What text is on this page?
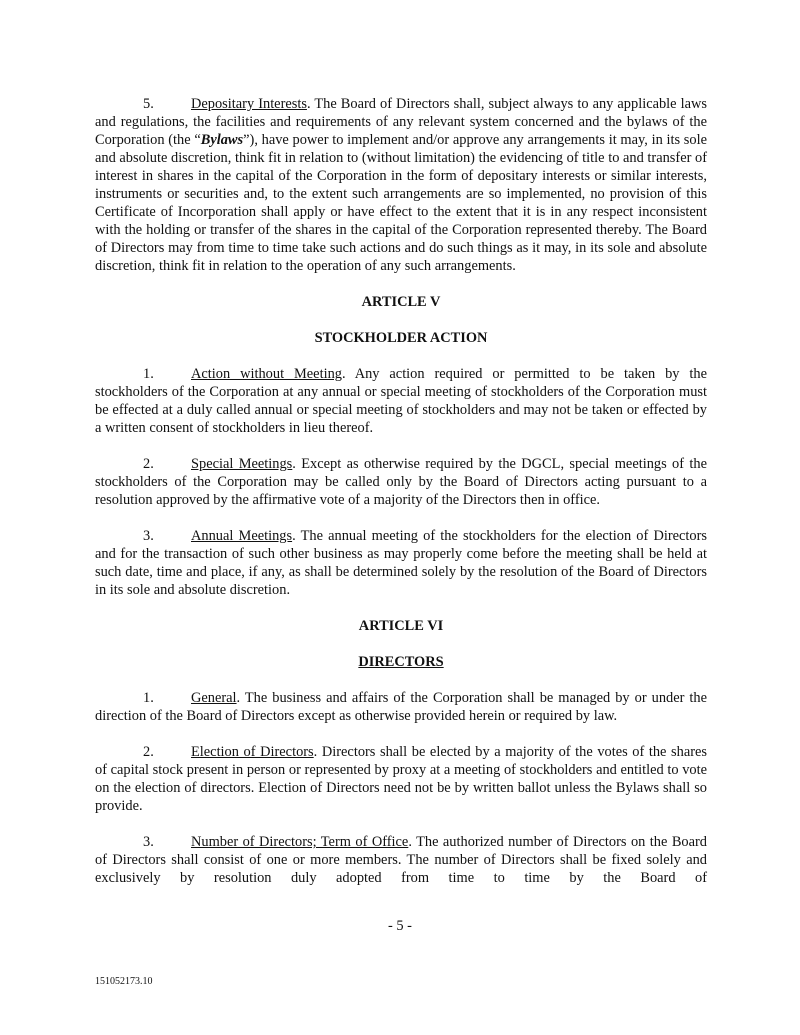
5.	Depositary Interests. The Board of Directors shall, subject always to any applicable laws and regulations, the facilities and requirements of any relevant system concerned and the bylaws of the Corporation (the “Bylaws”), have power to implement and/or approve any arrangements it may, in its sole and absolute discretion, think fit in relation to (without limitation) the evidencing of title to and transfer of interest in shares in the capital of the Corporation in the form of depositary interests or similar interests, instruments or securities and, to the extent such arrangements are so implemented, no provision of this Certificate of Incorporation shall apply or have effect to the extent that it is in any respect inconsistent with the holding or transfer of the shares in the capital of the Corporation represented thereby. The Board of Directors may from time to time take such actions and do such things as it may, in its sole and absolute discretion, think fit in relation to the operation of any such arrangements.

ARTICLE V
STOCKHOLDER ACTION

1.	Action without Meeting. Any action required or permitted to be taken by the stockholders of the Corporation at any annual or special meeting of stockholders of the Corporation must be effected at a duly called annual or special meeting of stockholders and may not be taken or effected by a written consent of stockholders in lieu thereof.

2.	Special Meetings. Except as otherwise required by the DGCL, special meetings of the stockholders of the Corporation may be called only by the Board of Directors acting pursuant to a resolution approved by the affirmative vote of a majority of the Directors then in office.

3.	Annual Meetings. The annual meeting of the stockholders for the election of Directors and for the transaction of such other business as may properly come before the meeting shall be held at such date, time and place, if any, as shall be determined solely by the resolution of the Board of Directors in its sole and absolute discretion.

ARTICLE VI
DIRECTORS

1.	General. The business and affairs of the Corporation shall be managed by or under the direction of the Board of Directors except as otherwise provided herein or required by law.

2.	Election of Directors. Directors shall be elected by a majority of the votes of the shares of capital stock present in person or represented by proxy at a meeting of stockholders and entitled to vote on the election of directors. Election of Directors need not be by written ballot unless the Bylaws shall so provide.

3.	Number of Directors; Term of Office. The authorized number of Directors on the Board of Directors shall consist of one or more members. The number of Directors shall be fixed solely and exclusively by resolution duly adopted from time to time by the Board of

- 5 -
151052173.10
